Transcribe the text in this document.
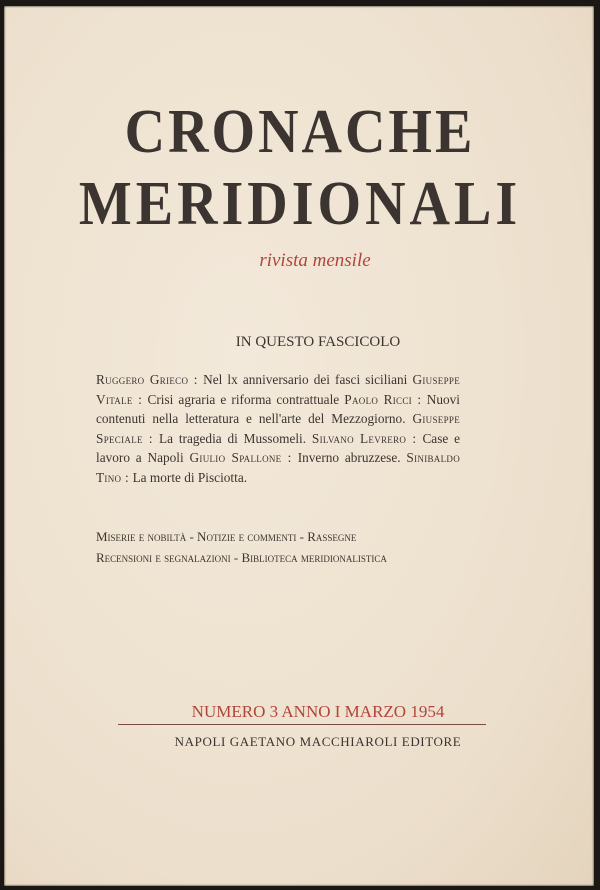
CRONACHE
MERIDIONALI
rivista mensile
IN QUESTO FASCICOLO
Ruggero Grieco : Nel lx anniversario dei fasci siciliani Giuseppe Vitale : Crisi agraria e riforma contrattuale Paolo Ricci : Nuovi contenuti nella letteratura e nell'arte del Mezzogiorno. Giuseppe Speciale : La tragedia di Mussomeli. Silvano Levrero : Case e lavoro a Napoli Giulio Spallone : Inverno abruzzese. Sinibaldo Tino : La morte di Pisciotta.
Miserie e nobiltà - Notizie e commenti - Rassegne
Recensioni e segnalazioni - Biblioteca meridionalistica
NUMERO 3 ANNO I MARZO 1954
NAPOLI GAETANO MACCHIAROLI EDITORE
